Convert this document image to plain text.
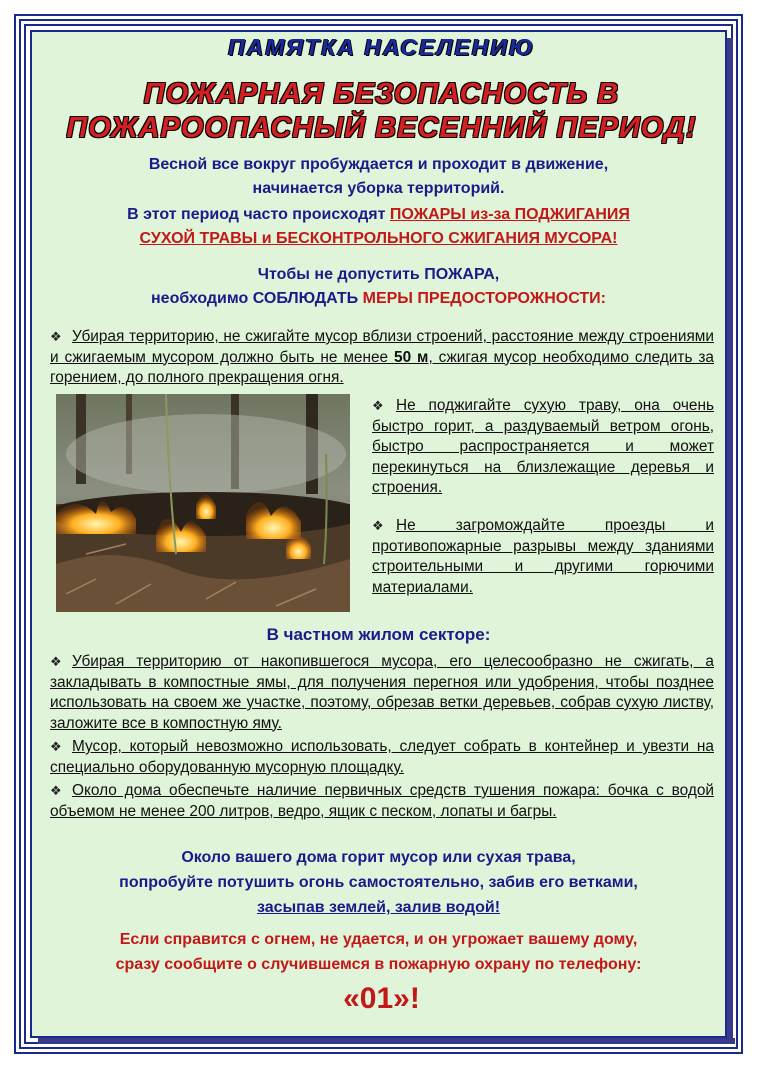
ПАМЯТКА НАСЕЛЕНИЮ
ПОЖАРНАЯ БЕЗОПАСНОСТЬ В
ПОЖАРООПАСНЫЙ ВЕСЕННИЙ ПЕРИОД!
Весной все вокруг пробуждается и проходит в движение,
начинается уборка территорий.
В этот период часто происходят ПОЖАРЫ из-за ПОДЖИГАНИЯ
СУХОЙ ТРАВЫ и БЕСКОНТРОЛЬНОГО СЖИГАНИЯ МУСОРА!
Чтобы не допустить ПОЖАРА,
необходимо СОБЛЮДАТЬ МЕРЫ ПРЕДОСТОРОЖНОСТИ:
❖ Убирая территорию, не сжигайте мусор вблизи строений, расстояние между строениями и сжигаемым мусором должно быть не менее 50 м, сжигая мусор необходимо следить за горением, до полного прекращения огня.
❖ Не поджигайте сухую траву, она очень быстро горит, а раздуваемый ветром огонь, быстро распространяется и может перекинуться на близлежащие деревья и строения.
❖ Не загромождайте проезды и противопожарные разрывы между зданиями строительными и другими горючими материалами.
В частном жилом секторе:
❖ Убирая территорию от накопившегося мусора, его целесообразно не сжигать, а закладывать в компостные ямы, для получения перегноя или удобрения, чтобы позднее использовать на своем же участке, поэтому, обрезав ветки деревьев, собрав сухую листву, заложите все в компостную яму.
❖ Мусор, который невозможно использовать, следует собрать в контейнер и увезти на специально оборудованную мусорную площадку.
❖ Около дома обеспечьте наличие первичных средств тушения пожара: бочка с водой объемом не менее 200 литров, ведро, ящик с песком, лопаты и багры.
Около вашего дома горит мусор или сухая трава,
попробуйте потушить огонь самостоятельно, забив его ветками,
засыпав землей, залив водой!
Если справится с огнем, не удается, и он угрожает вашему дому,
сразу сообщите о случившемся в пожарную охрану по телефону:
«01»!
